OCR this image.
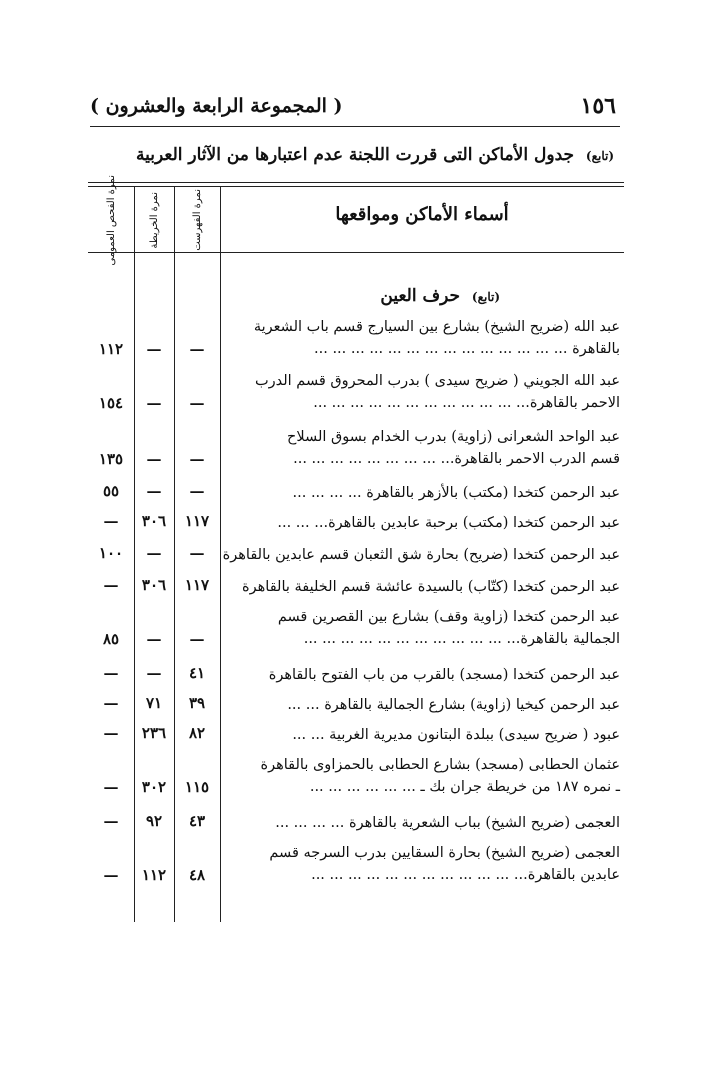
١٥٦
( المجموعة الرابعة والعشرون )
(تابع) جدول الأماكن التى قررت اللجنة عدم اعتبارها من الآثار العربية
نمرة الفهرست
نمرة الخريطة
نمرة الفحص العمومى	أسماء الأماكن ومواقعها
(تابع) حرف العين
عبد الله (ضريح الشيخ) بشارع بين السيارج قسم باب الشعرية
بالقاهرة ... ... ... ... ... ... ... ... ... ... ... ... ... ...
—
—
١١٢
عبد الله الجويني ( ضريح سيدى ) بدرب المحروق قسم الدرب
الاحمر بالقاهرة... ... ... ... ... ... ... ... ... ... ... ...
—
—
١٥٤
عبد الواحد الشعرانى (زاوية) بدرب الخدام بسوق السلاح
قسم الدرب الاحمر بالقاهرة... ... ... ... ... ... ... ... ...
—
—
١٣٥
عبد الرحمن كتخدا (مكتب) بالأزهر بالقاهرة ... ... ... ...
—
—
٥٥
عبد الرحمن كتخدا (مكتب) برحبة عابدين بالقاهرة... ... ...
١١٧
٣٠٦
—
عبد الرحمن كتخدا (ضريح) بحارة شق الثعبان قسم عابدين بالقاهرة
—
—
١٠٠
عبد الرحمن كتخدا (كتّاب) بالسيدة عائشة قسم الخليفة بالقاهرة
١١٧
٣٠٦
—
عبد الرحمن كتخدا (زاوية وقف) بشارع بين القصرين قسم
الجمالية بالقاهرة... ... ... ... ... ... ... ... ... ... ... ...
—
—
٨٥
عبد الرحمن كتخدا (مسجد) بالقرب من باب الفتوح بالقاهرة
٤١
—
—
عبد الرحمن كيخيا (زاوية) بشارع الجمالية بالقاهرة ... ...
٣٩
٧١
—
عبود ( ضريح سيدى) ببلدة البتانون مديرية الغربية ... ...
٨٢
٢٣٦
—
عثمان الحطابى (مسجد) بشارع الحطابى بالحمزاوى بالقاهرة
ـ نمره ١٨٧ من خريطة جران بك ـ ... ... ... ... ... ...
١١٥
٣٠٢
—
العجمى (ضريح الشيخ) بباب الشعرية بالقاهرة ... ... ... ...
٤٣
٩٢
—
العجمى (ضريح الشيخ) بحارة السقايين بدرب السرجه قسم
عابدين بالقاهرة... ... ... ... ... ... ... ... ... ... ... ...
٤٨
١١٢
—
